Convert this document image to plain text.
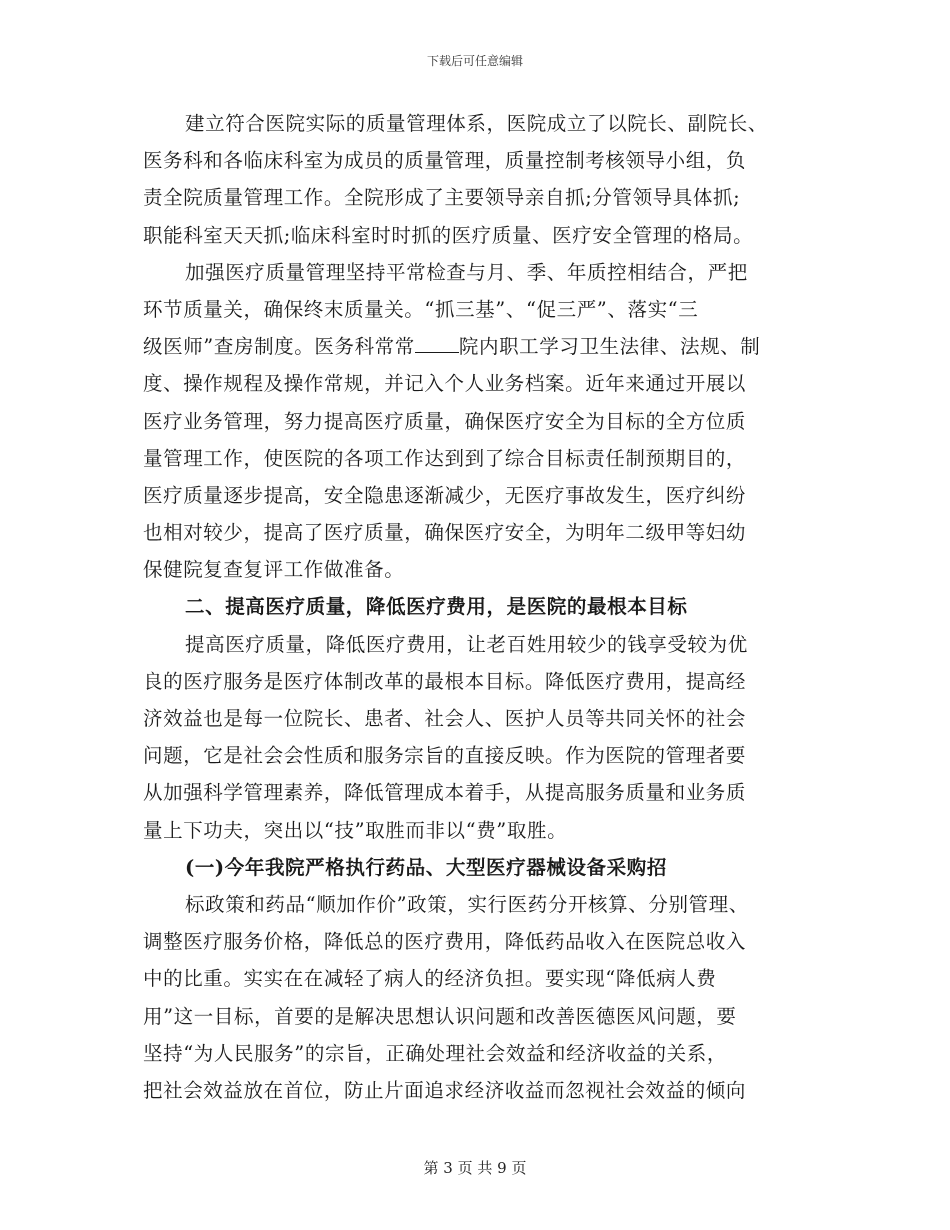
下载后可任意编辑
建立符合医院实际的质量管理体系，医院成立了以院长、副院长、
医务科和各临床科室为成员的质量管理，质量控制考核领导小组，负
责全院质量管理工作。全院形成了主要领导亲自抓;分管领导具体抓;
职能科室天天抓;临床科室时时抓的医疗质量、医疗安全管理的格局。
加强医疗质量管理坚持平常检查与月、季、年质控相结合，严把
环节质量关，确保终末质量关。“抓三基”、“促三严”、落实“三
级医师”查房制度。医务科常常 院内职工学习卫生法律、法规、制
度、操作规程及操作常规，并记入个人业务档案。近年来通过开展以
医疗业务管理，努力提高医疗质量，确保医疗安全为目标的全方位质
量管理工作，使医院的各项工作达到到了综合目标责任制预期目的，
医疗质量逐步提高，安全隐患逐渐减少，无医疗事故发生，医疗纠纷
也相对较少，提高了医疗质量，确保医疗安全，为明年二级甲等妇幼
保健院复查复评工作做准备。
二、提高医疗质量，降低医疗费用，是医院的最根本目标
提高医疗质量，降低医疗费用，让老百姓用较少的钱享受较为优
良的医疗服务是医疗体制改革的最根本目标。降低医疗费用，提高经
济效益也是每一位院长、患者、社会人、医护人员等共同关怀的社会
问题，它是社会会性质和服务宗旨的直接反映。作为医院的管理者要
从加强科学管理素养，降低管理成本着手，从提高服务质量和业务质
量上下功夫，突出以“技”取胜而非以“费”取胜。
(一)今年我院严格执行药品、大型医疗器械设备采购招
标政策和药品“顺加作价”政策，实行医药分开核算、分别管理、
调整医疗服务价格，降低总的医疗费用，降低药品收入在医院总收入
中的比重。实实在在减轻了病人的经济负担。要实现“降低病人费
用”这一目标，首要的是解决思想认识问题和改善医德医风问题，要
坚持“为人民服务”的宗旨，正确处理社会效益和经济收益的关系，
把社会效益放在首位，防止片面追求经济收益而忽视社会效益的倾向
第 3 页 共 9 页
